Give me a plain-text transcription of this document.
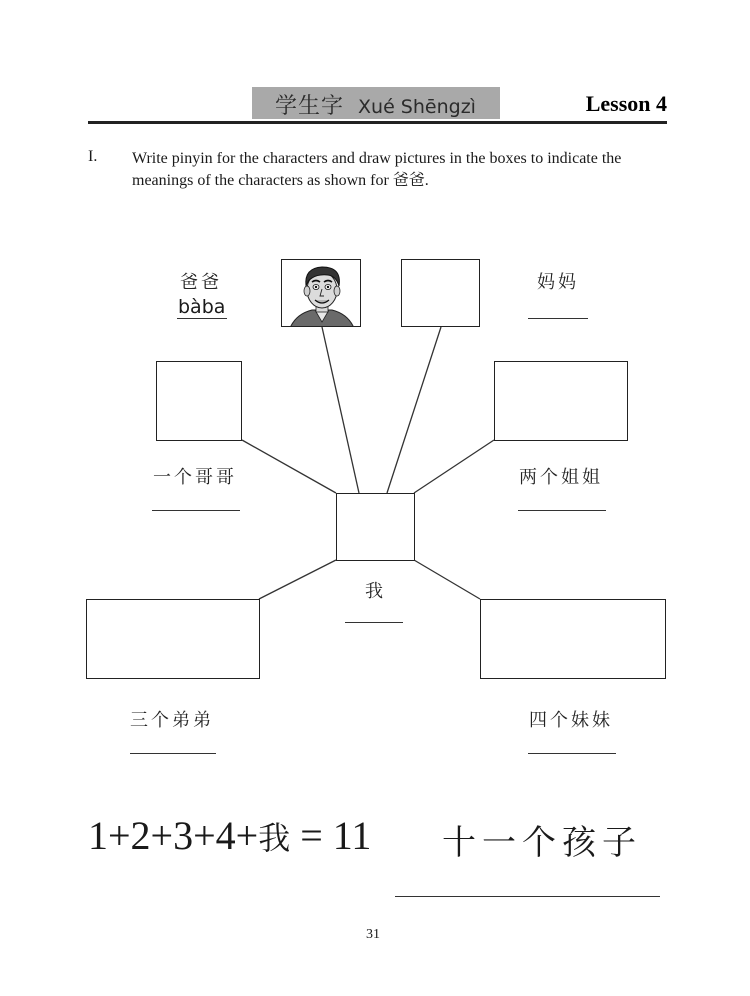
学生字 Xué Shēngzì	Lesson 4
I. Write pinyin for the characters and draw pictures in the boxes to indicate the meanings of the characters as shown for 爸爸.
爸爸
bàba
妈妈
一个哥哥	两个姐姐
我
三个弟弟	四个妹妹
1+2+3+4+我 = 11 十一个孩子
31
